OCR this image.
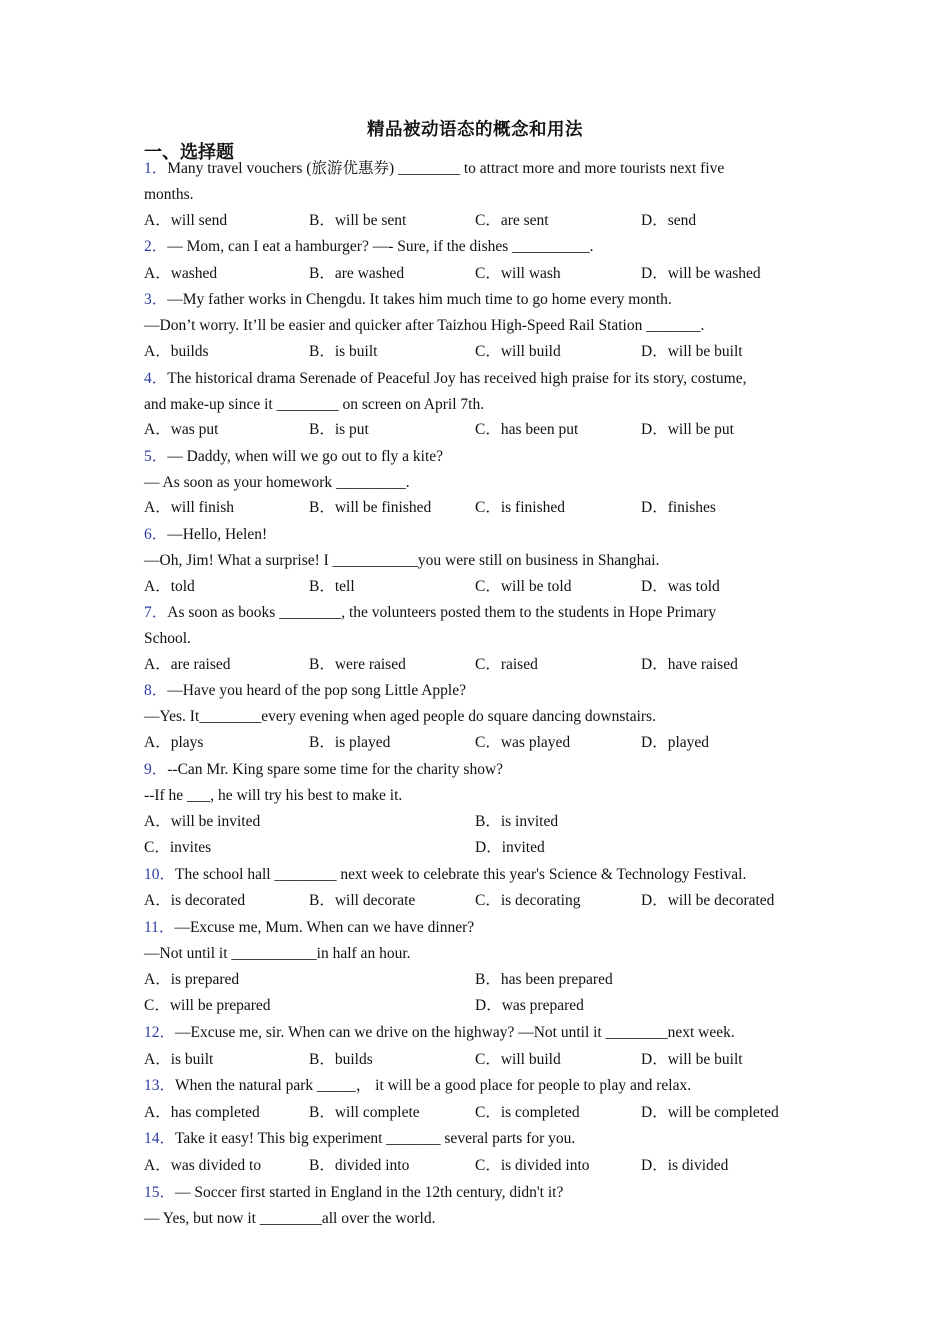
精品被动语态的概念和用法
一、选择题
1．Many travel vouchers (旅游优惠券) ________ to attract more and more tourists next five
months.
A．will send	B．will be sent	C．are sent	D．send
2．— Mom, can I eat a hamburger? —- Sure, if the dishes __________.
A．washed	B．are washed	C．will wash	D．will be washed
3．—My father works in Chengdu. It takes him much time to go home every month.
—Don’t worry. It’ll be easier and quicker after Taizhou High-Speed Rail Station _______.
A．builds	B．is built	C．will build	D．will be built
4．The historical drama Serenade of Peaceful Joy has received high praise for its story, costume,
and make-up since it ________ on screen on April 7th.
A．was put	B．is put	C．has been put	D．will be put
5．— Daddy, when will we go out to fly a kite?
— As soon as your homework _________.
A．will finish	B．will be finished	C．is finished	D．finishes
6．—Hello, Helen!
—Oh, Jim! What a surprise! I ___________you were still on business in Shanghai.
A．told	B．tell	C．will be told	D．was told
7．As soon as books ________, the volunteers posted them to the students in Hope Primary
School.
A．are raised	B．were raised	C．raised	D．have raised
8．—Have you heard of the pop song Little Apple?
—Yes. It________every evening when aged people do square dancing downstairs.
A．plays	B．is played	C．was played	D．played
9．--Can Mr. King spare some time for the charity show?
--If he ___, he will try his best to make it.
A．will be invited	B．is invited
C．invites	D．invited
10．The school hall ________ next week to celebrate this year's Science & Technology Festival.
A．is decorated	B．will decorate	C．is decorating	D．will be decorated
11．—Excuse me, Mum. When can we have dinner?
—Not until it ___________in half an hour.
A．is prepared	B．has been prepared
C．will be prepared	D．was prepared
12．—Excuse me, sir. When can we drive on the highway? —Not until it ________next week.
A．is built	B．builds	C．will build	D．will be built
13．When the natural park _____， it will be a good place for people to play and relax.
A．has completed	B．will complete	C．is completed	D．will be completed
14．Take it easy! This big experiment _______ several parts for you.
A．was divided to	B．divided into	C．is divided into	D．is divided
15．— Soccer first started in England in the 12th century, didn't it?
— Yes, but now it ________all over the world.
